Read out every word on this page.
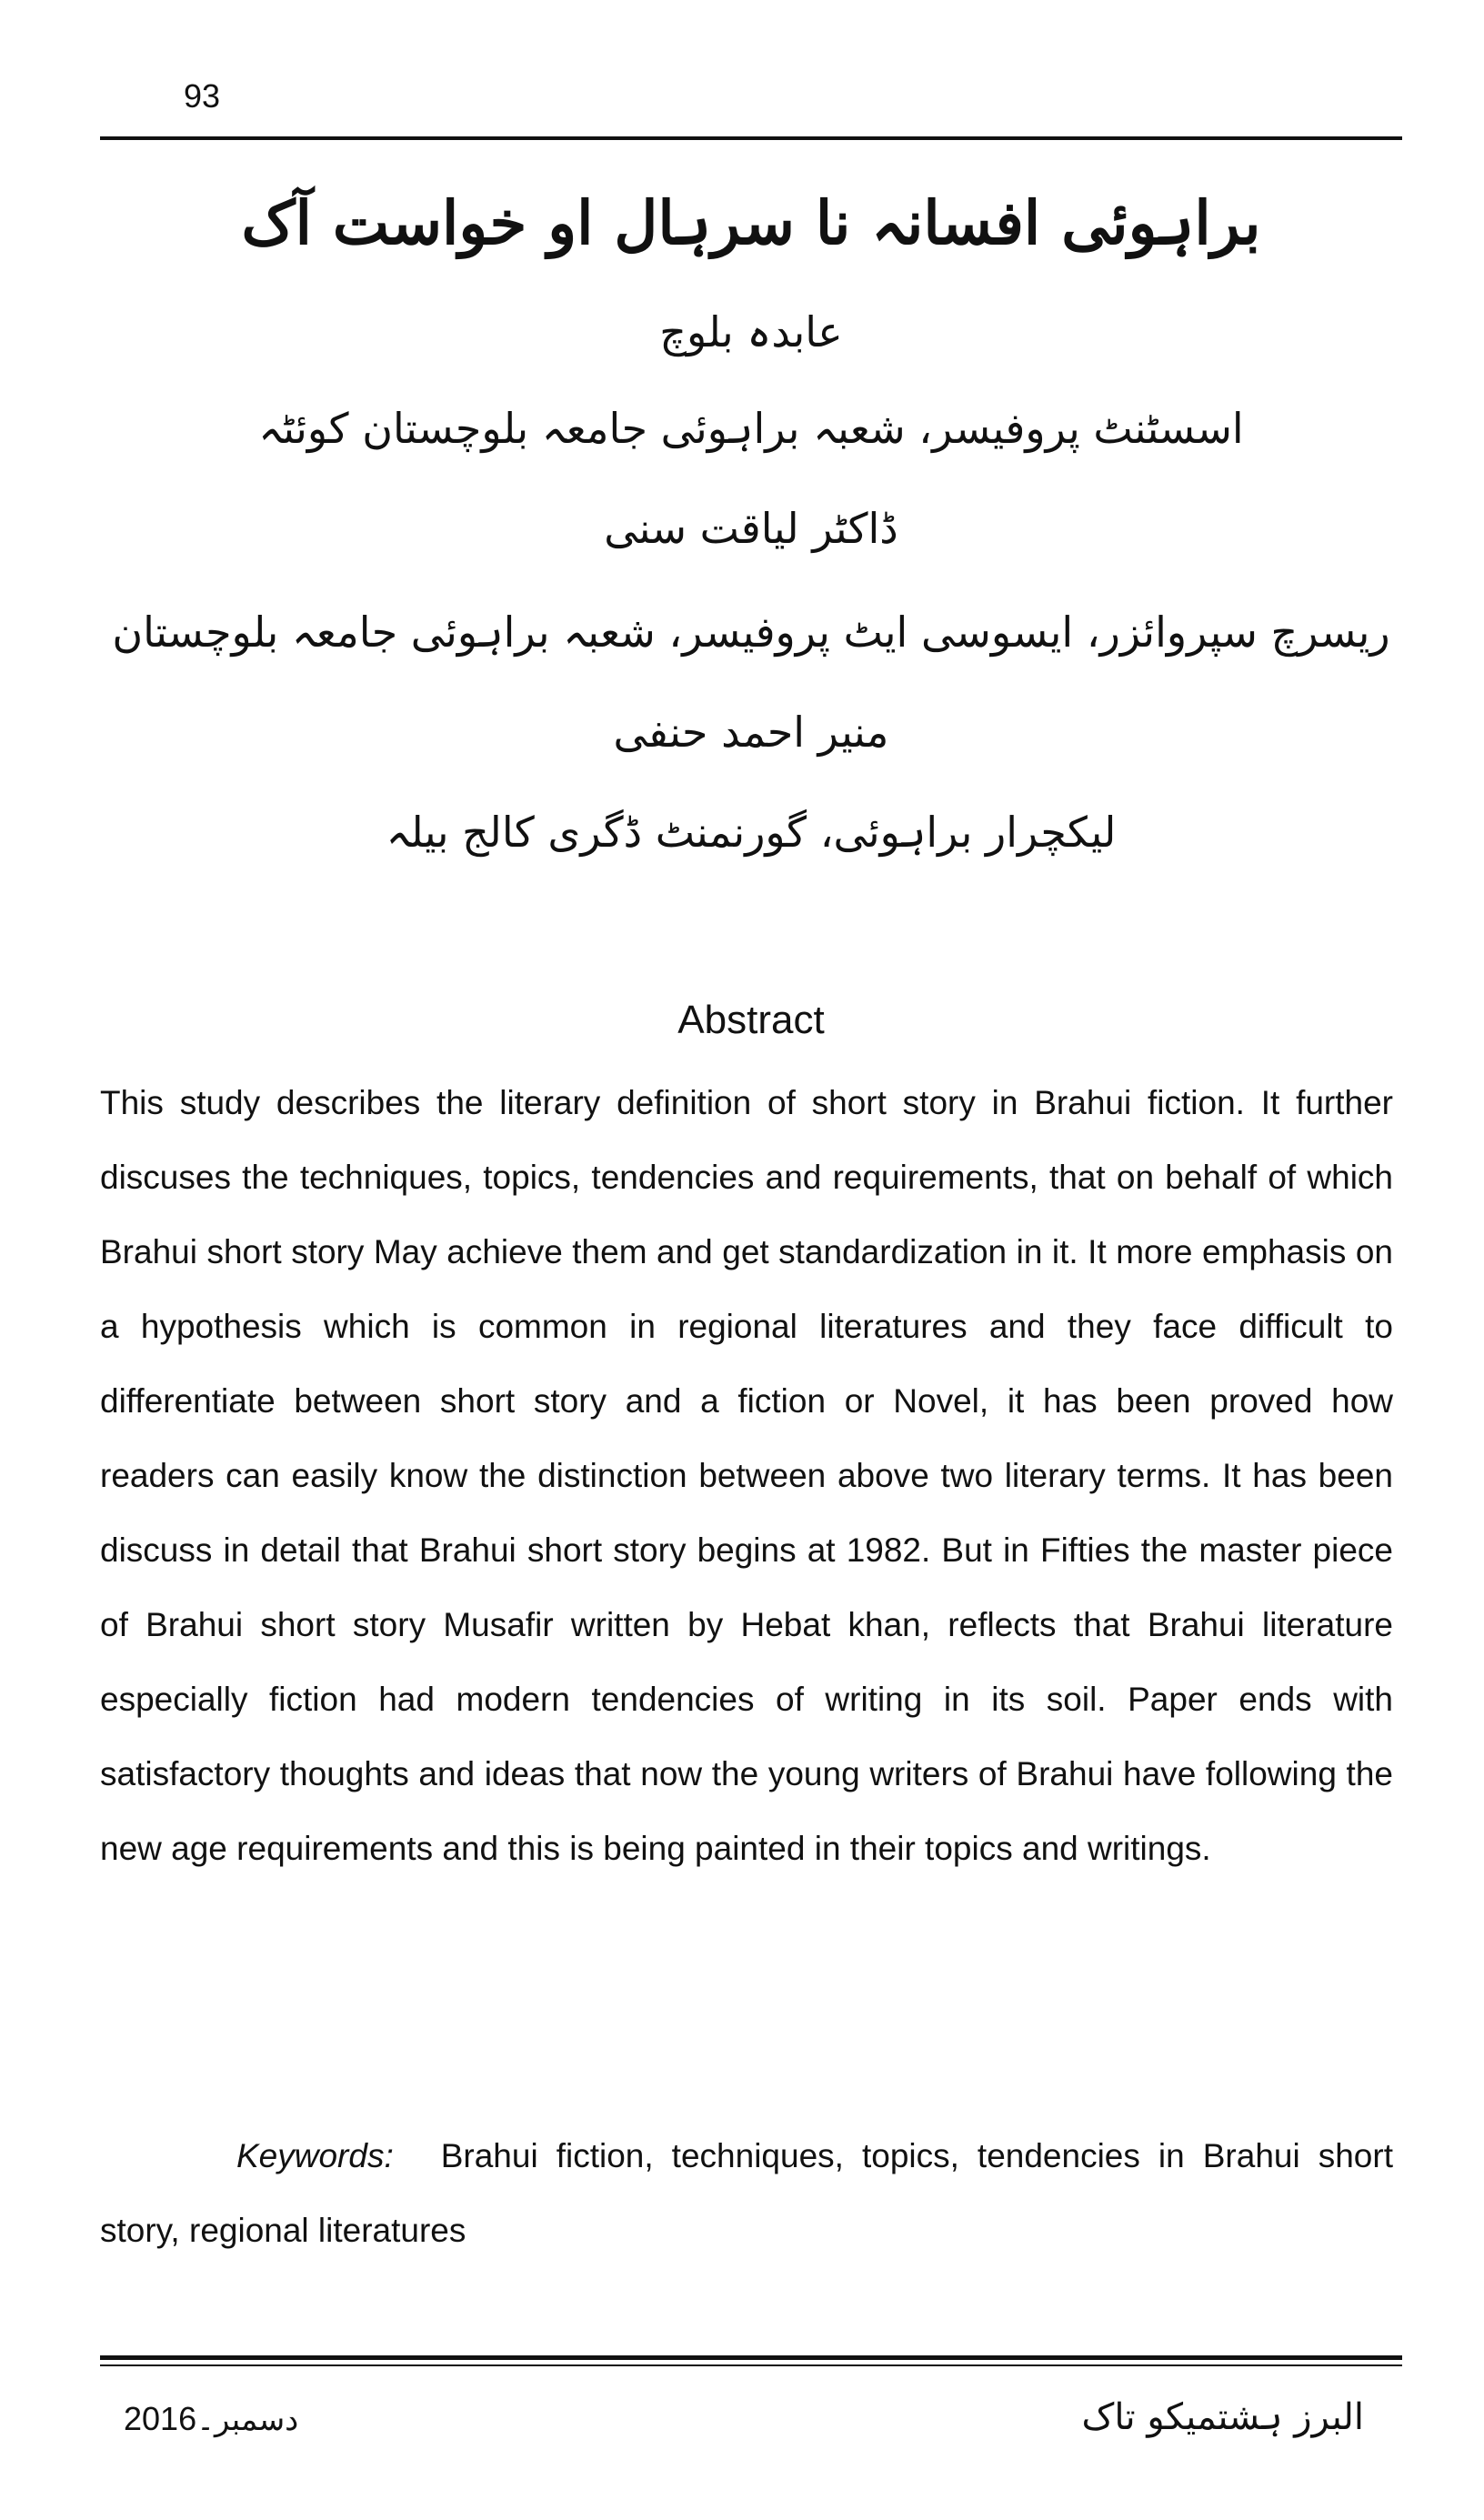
93
براہوئی افسانہ نا سرہال او خواست آک
عابدہ بلوچ
اسسٹنٹ پروفیسر، شعبہ براہوئی جامعہ بلوچستان کوئٹہ
ڈاکٹر لیاقت سنی
ریسرچ سپروائزر، ایسوسی ایٹ پروفیسر، شعبہ براہوئی جامعہ بلوچستان
منیر احمد حنفی
لیکچرار براہوئی، گورنمنٹ ڈگری کالج بیلہ
Abstract

This study describes the literary definition of short story in Brahui fiction. It further discuses the techniques, topics, tendencies and requirements, that on behalf of which Brahui short story May achieve them and get standardization in it. It more emphasis on a hypothesis which is common in regional literatures and they face difficult to differentiate between short story and a fiction or Novel, it has been proved how readers can easily know the distinction between above two literary terms. It has been discuss in detail that Brahui short story begins at 1982. But in Fifties the master piece of Brahui short story Musafir written by Hebat khan, reflects that Brahui literature especially fiction had modern tendencies of writing in its soil. Paper ends with satisfactory thoughts and ideas that now the young writers of Brahui have following the new age requirements and this is being painted in their topics and writings.

Keywords: Brahui fiction, techniques, topics, tendencies in Brahui short story, regional literatures

2016دسمبر۔	البرز ہشتمیکو تاک
